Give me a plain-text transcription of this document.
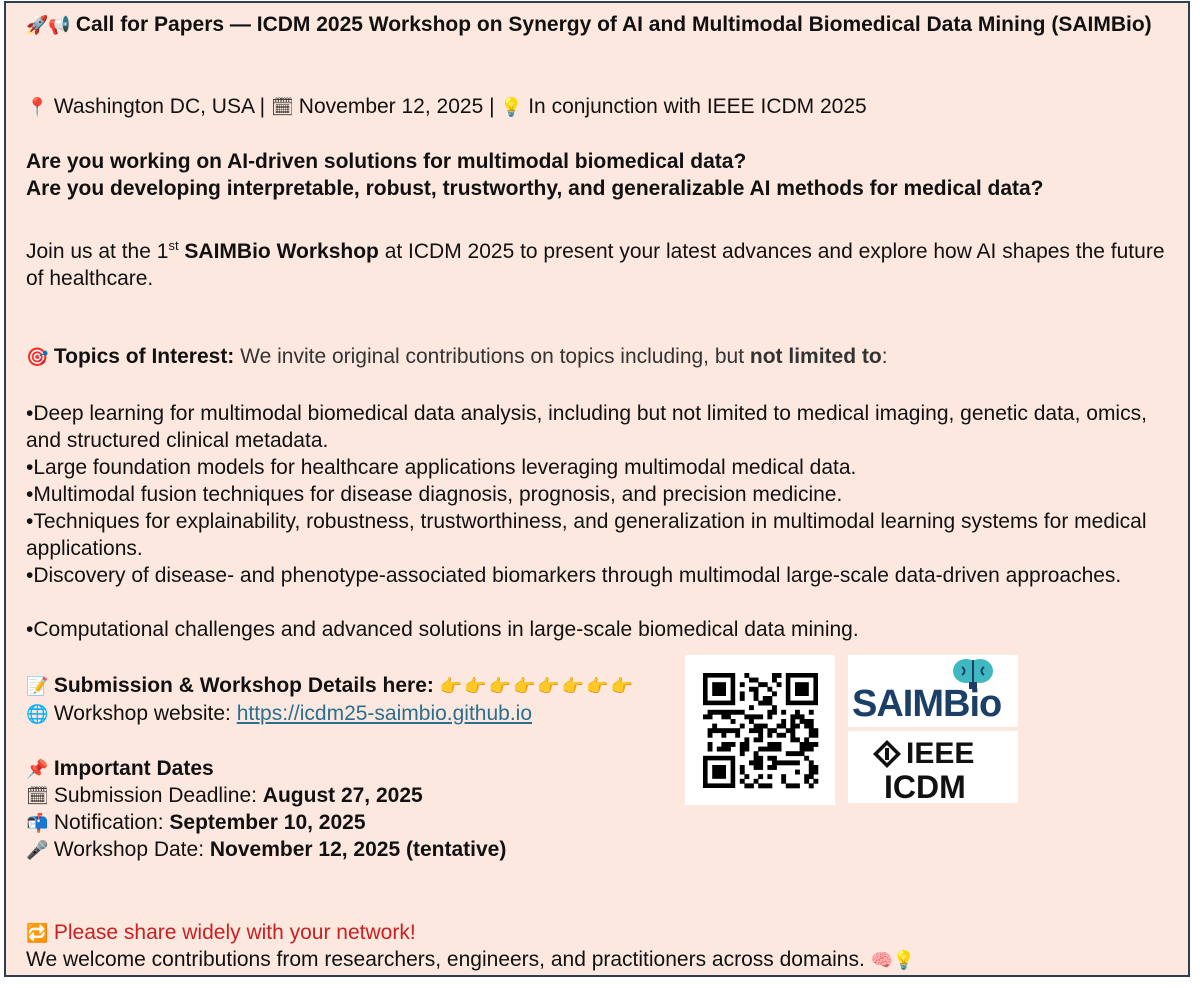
🚀📢 Call for Papers — ICDM 2025 Workshop on Synergy of AI and Multimodal Biomedical Data Mining (SAIMBio)
📍 Washington DC, USA | 🗓 November 12, 2025 | 💡 In conjunction with IEEE ICDM 2025
Are you working on AI-driven solutions for multimodal biomedical data?
Are you developing interpretable, robust, trustworthy, and generalizable AI methods for medical data?
Join us at the 1st SAIMBio Workshop at ICDM 2025 to present your latest advances and explore how AI shapes the future of healthcare.
🎯 Topics of Interest: We invite original contributions on topics including, but not limited to:
•Deep learning for multimodal biomedical data analysis, including but not limited to medical imaging, genetic data, omics, and structured clinical metadata.
•Large foundation models for healthcare applications leveraging multimodal medical data.
•Multimodal fusion techniques for disease diagnosis, prognosis, and precision medicine.
•Techniques for explainability, robustness, trustworthiness, and generalization in multimodal learning systems for medical applications.
•Discovery of disease- and phenotype-associated biomarkers through multimodal large-scale data-driven approaches.
•Computational challenges and advanced solutions in large-scale biomedical data mining.
📝 Submission & Workshop Details here: 👉👉👉👉👉👉👉👉
🌐 Workshop website: https://icdm25-saimbio.github.io
📌 Important Dates
🗓 Submission Deadline: August 27, 2025
📬 Notification: September 10, 2025
🎤 Workshop Date: November 12, 2025 (tentative)
🔁 Please share widely with your network!
We welcome contributions from researchers, engineers, and practitioners across domains. 🧠💡
SAIMBio
IEEE
ICDM
